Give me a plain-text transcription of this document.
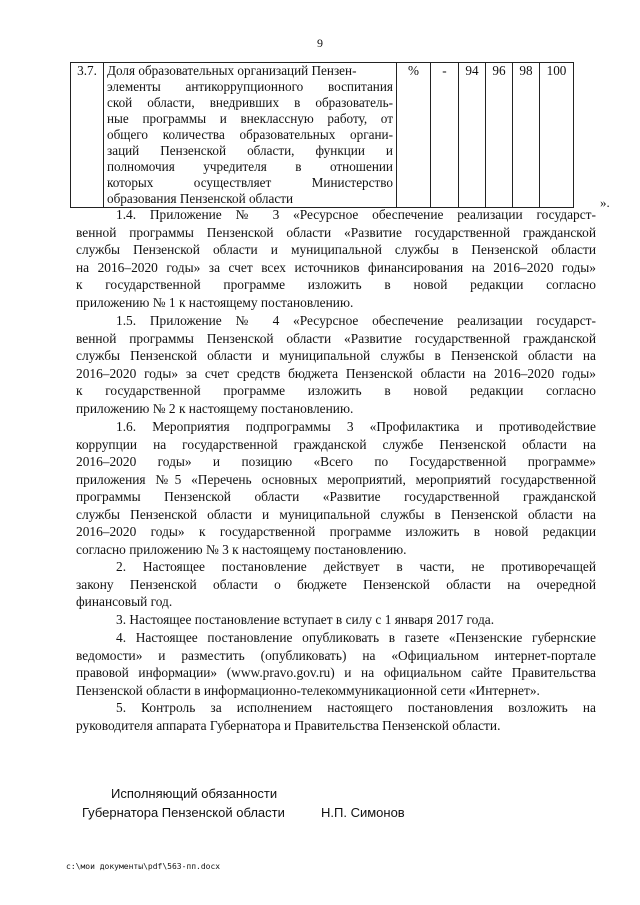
9
3.7.	Доля образовательных организаций Пензен-
элементы антикоррупционного воспитания
ской области, внедривших в образователь-
ные программы и внеклассную работу, от
общего количества образовательных органи-
заций Пензенской области, функции и
полномочия учредителя в отношении
которых осуществляет Министерство
образования Пензенской области
	%	-	94	96	98	100
».
1.4. Приложение № 3 «Ресурсное обеспечение реализации государст-
венной программы Пензенской области «Развитие государственной гражданской
службы Пензенской области и муниципальной службы в Пензенской области
на 2016–2020 годы» за счет всех источников финансирования на 2016–2020 годы»
к государственной программе изложить в новой редакции согласно
приложению № 1 к настоящему постановлению.
1.5. Приложение № 4 «Ресурсное обеспечение реализации государст-
венной программы Пензенской области «Развитие государственной гражданской
службы Пензенской области и муниципальной службы в Пензенской области на
2016–2020 годы» за счет средств бюджета Пензенской области на 2016–2020 годы»
к государственной программе изложить в новой редакции согласно
приложению № 2 к настоящему постановлению.
1.6. Мероприятия подпрограммы 3 «Профилактика и противодействие
коррупции на государственной гражданской службе Пензенской области на
2016–2020 годы» и позицию «Всего по Государственной программе»
приложения №5 «Перечень основных мероприятий, мероприятий государственной
программы Пензенской области «Развитие государственной гражданской
службы Пензенской области и муниципальной службы в Пензенской области на
2016–2020 годы» к государственной программе изложить в новой редакции
согласно приложению № 3 к настоящему постановлению.
2. Настоящее постановление действует в части, не противоречащей
закону Пензенской области о бюджете Пензенской области на очередной
финансовый год.
3. Настоящее постановление вступает в силу с 1 января 2017 года.
4. Настоящее постановление опубликовать в газете «Пензенские губернские
ведомости» и разместить (опубликовать) на «Официальном интернет-портале
правовой информации» (www.pravo.gov.ru) и на официальном сайте Правительства
Пензенской области в информационно-телекоммуникационной сети «Интернет».
5. Контроль за исполнением настоящего постановления возложить на
руководителя аппарата Губернатора и Правительства Пензенской области.
Исполняющий обязанности
Губернатора Пензенской области	Н.П. Симонов
c:\мои документы\pdf\563-пп.docx
